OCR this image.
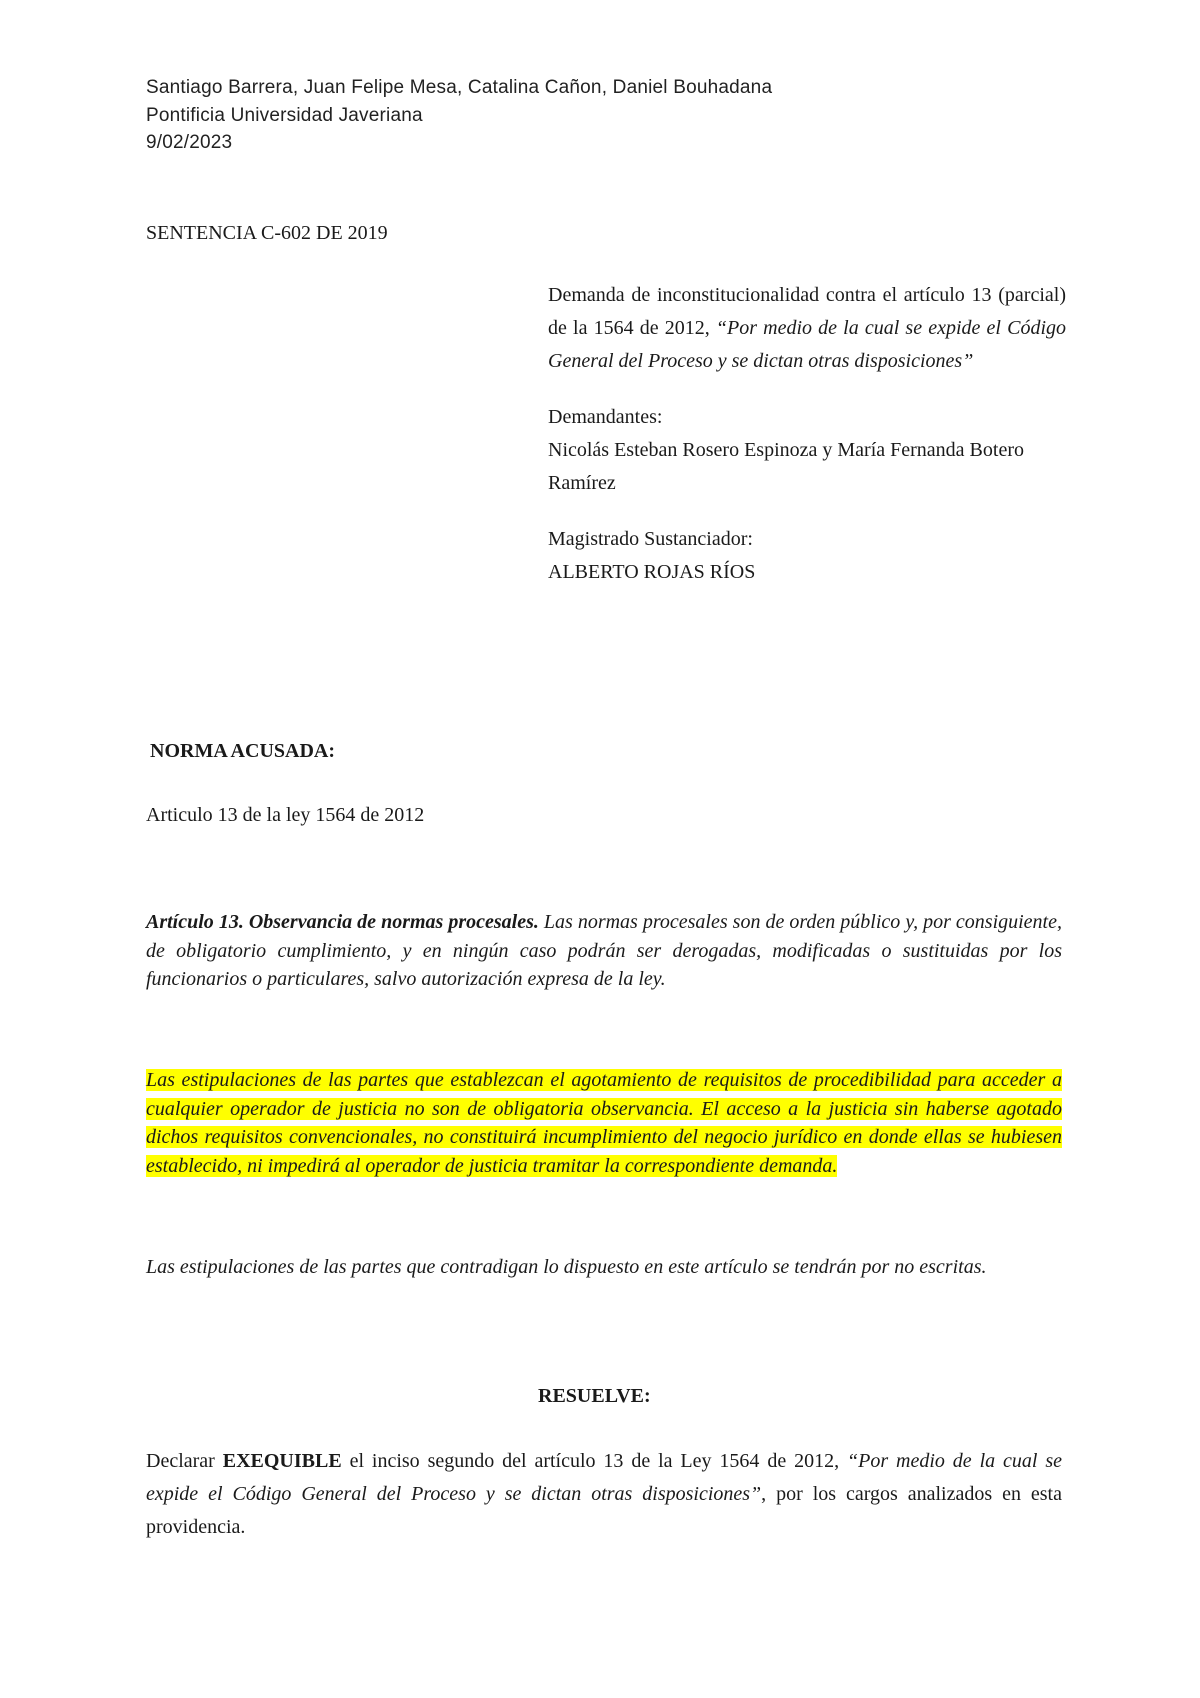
Santiago Barrera, Juan Felipe Mesa, Catalina Cañon, Daniel Bouhadana
Pontificia Universidad Javeriana
9/02/2023
SENTENCIA C-602 DE 2019

Demanda de inconstitucionalidad contra el artículo 13 (parcial) de la 1564 de 2012, “Por medio de la cual se expide el Código General del Proceso y se dictan otras disposiciones”

Demandantes:

Nicolás Esteban Rosero Espinoza y María Fernanda Botero Ramírez

Magistrado Sustanciador:

ALBERTO ROJAS RÍOS

NORMA ACUSADA:
Articulo 13 de la ley 1564 de 2012

Artículo 13. Observancia de normas procesales. Las normas procesales son de orden público y, por consiguiente, de obligatorio cumplimiento, y en ningún caso podrán ser derogadas, modificadas o sustituidas por los funcionarios o particulares, salvo autorización expresa de la ley.

Las estipulaciones de las partes que establezcan el agotamiento de requisitos de procedibilidad para acceder a cualquier operador de justicia no son de obligatoria observancia. El acceso a la justicia sin haberse agotado dichos requisitos convencionales, no constituirá incumplimiento del negocio jurídico en donde ellas se hubiesen establecido, ni impedirá al operador de justicia tramitar la correspondiente demanda.

Las estipulaciones de las partes que contradigan lo dispuesto en este artículo se tendrán por no escritas.

RESUELVE:

Declarar EXEQUIBLE el inciso segundo del artículo 13 de la Ley 1564 de 2012, “Por medio de la cual se expide el Código General del Proceso y se dictan otras disposiciones”, por los cargos analizados en esta providencia.
